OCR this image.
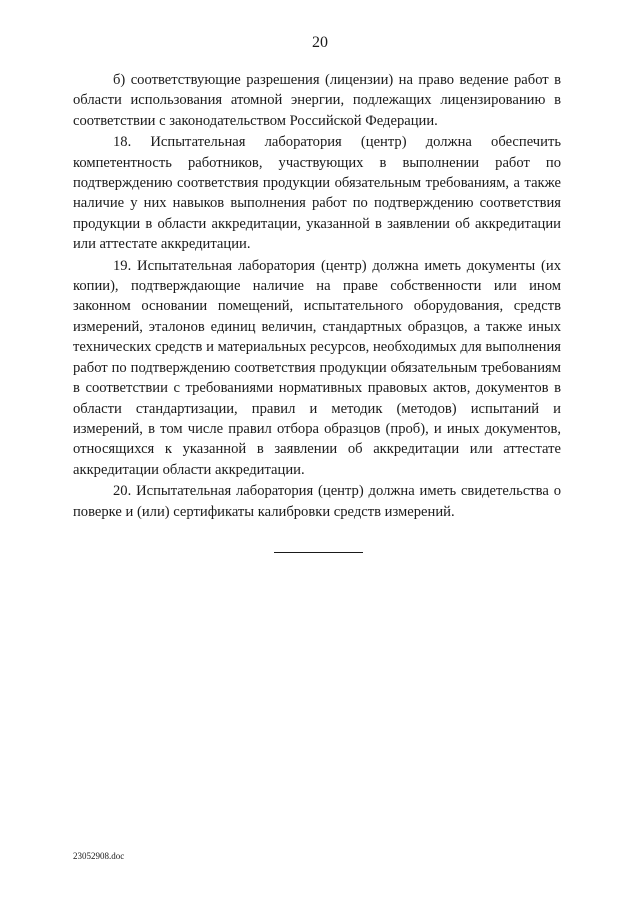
20

б) соответствующие разрешения (лицензии) на право ведение работ в области использования атомной энергии, подлежащих лицензированию в соответствии с законодательством Российской Федерации.

18. Испытательная лаборатория (центр) должна обеспечить компетентность работников, участвующих в выполнении работ по подтверждению соответствия продукции обязательным требованиям, а также наличие у них навыков выполнения работ по подтверждению соответствия продукции в области аккредитации, указанной в заявлении об аккредитации или аттестате аккредитации.

19. Испытательная лаборатория (центр) должна иметь документы (их копии), подтверждающие наличие на праве собственности или ином законном основании помещений, испытательного оборудования, средств измерений, эталонов единиц величин, стандартных образцов, а также иных технических средств и материальных ресурсов, необходимых для выполнения работ по подтверждению соответствия продукции обязательным требованиям в соответствии с требованиями нормативных правовых актов, документов в области стандартизации, правил и методик (методов) испытаний и измерений, в том числе правил отбора образцов (проб), и иных документов, относящихся к указанной в заявлении об аккредитации или аттестате аккредитации области аккредитации.

20. Испытательная лаборатория (центр) должна иметь свидетельства о поверке и (или) сертификаты калибровки средств измерений.

23052908.doc
